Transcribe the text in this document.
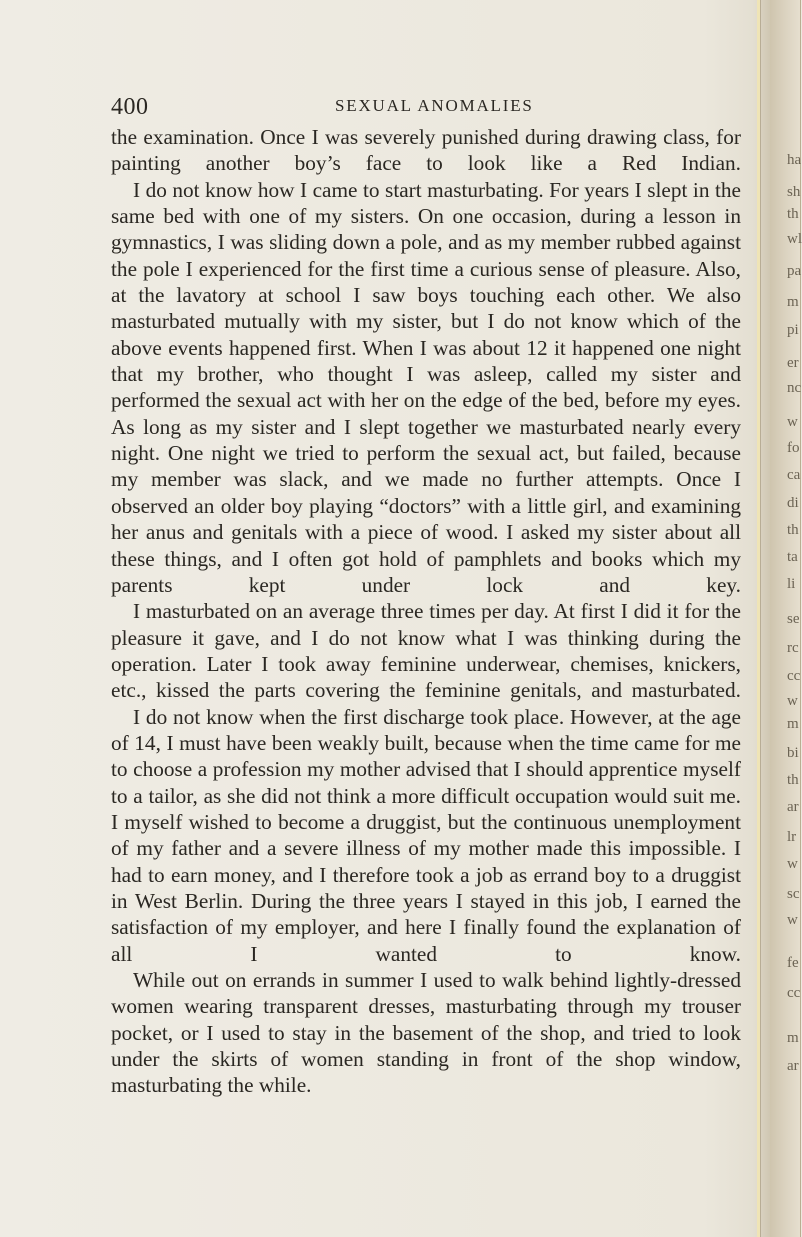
400	SEXUAL ANOMALIES

the examination. Once I was severely punished during drawing class, for painting another boy’s face to look like a Red Indian.

I do not know how I came to start masturbating. For years I slept in the same bed with one of my sisters. On one occasion, during a lesson in gymnastics, I was sliding down a pole, and as my member rubbed against the pole I experienced for the first time a curious sense of pleasure. Also, at the lavatory at school I saw boys touching each other. We also masturbated mutually with my sister, but I do not know which of the above events happened first. When I was about 12 it happened one night that my brother, who thought I was asleep, called my sister and performed the sexual act with her on the edge of the bed, before my eyes. As long as my sister and I slept together we masturbated nearly every night. One night we tried to perform the sexual act, but failed, because my member was slack, and we made no further attempts. Once I observed an older boy playing “doctors” with a little girl, and examining her anus and genitals with a piece of wood. I asked my sister about all these things, and I often got hold of pamphlets and books which my parents kept under lock and key.

I masturbated on an average three times per day. At first I did it for the pleasure it gave, and I do not know what I was thinking during the operation. Later I took away feminine underwear, chemises, knickers, etc., kissed the parts covering the feminine genitals, and masturbated.

I do not know when the first discharge took place. However, at the age of 14, I must have been weakly built, because when the time came for me to choose a profession my mother advised that I should apprentice myself to a tailor, as she did not think a more difficult occupation would suit me. I myself wished to become a druggist, but the continuous unemployment of my father and a severe illness of my mother made this impossible. I had to earn money, and I therefore took a job as errand boy to a druggist in West Berlin. During the three years I stayed in this job, I earned the satisfaction of my employer, and here I finally found the explanation of all I wanted to know.

While out on errands in summer I used to walk behind lightly-dressed women wearing transparent dresses, masturbating through my trouser pocket, or I used to stay in the basement of the shop, and tried to look under the skirts of women standing in front of the shop window, masturbating the while.

ha
sh
th
wl
pa
m
pi
er
nc
w
fo
ca
di
th
ta
li
se
rc
cc
w
m
bi
th
ar
lr
w
sc
w
fe
cc
m
ar
